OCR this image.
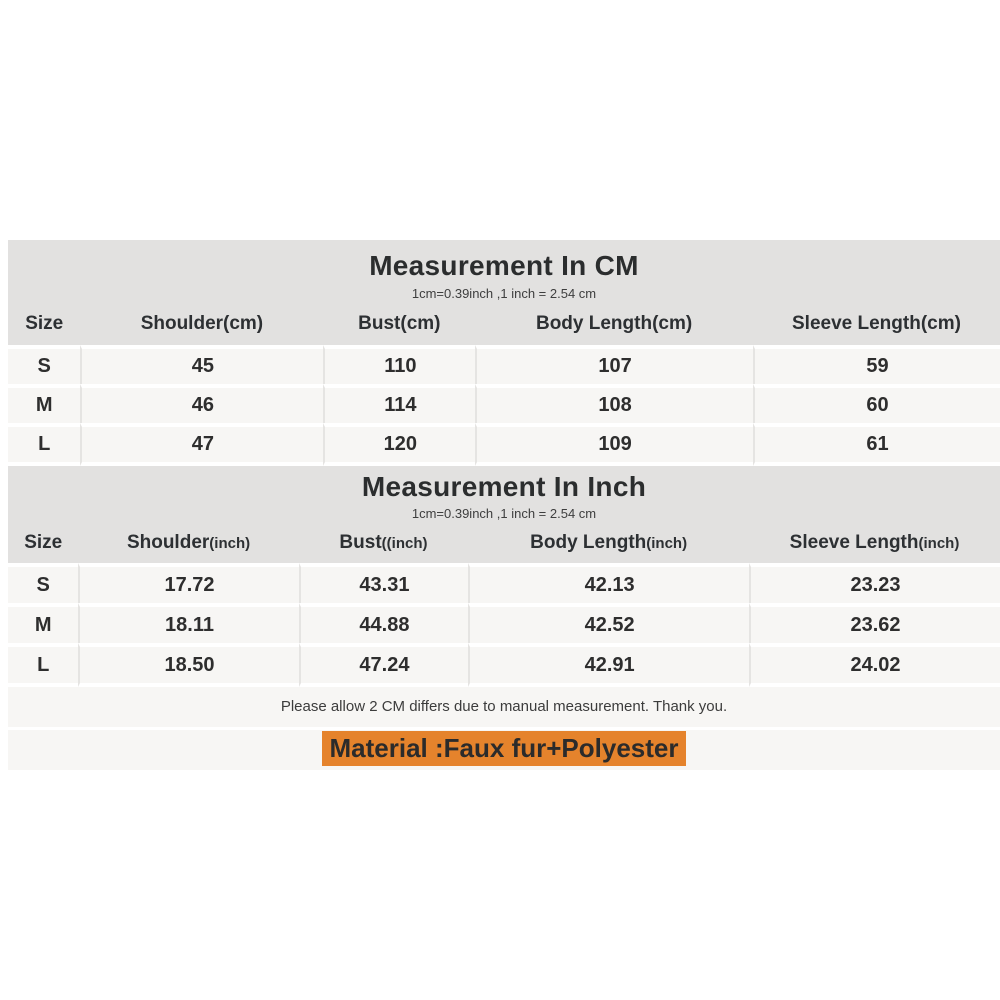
Measurement In CM
1cm=0.39inch ,1 inch = 2.54 cm
Size	Shoulder(cm)	Bust(cm)	Body Length(cm)	Sleeve Length(cm)
S	45	110	107	59
M	46	114	108	60
L	47	120	109	61
Measurement In Inch
1cm=0.39inch ,1 inch = 2.54 cm
Size	Shoulder(inch)	Bust((inch)	Body Length(inch)	Sleeve Length(inch)
S	17.72	43.31	42.13	23.23
M	18.11	44.88	42.52	23.62
L	18.50	47.24	42.91	24.02
Please allow 2 CM differs due to manual measurement. Thank you.
Material :Faux fur+Polyester
